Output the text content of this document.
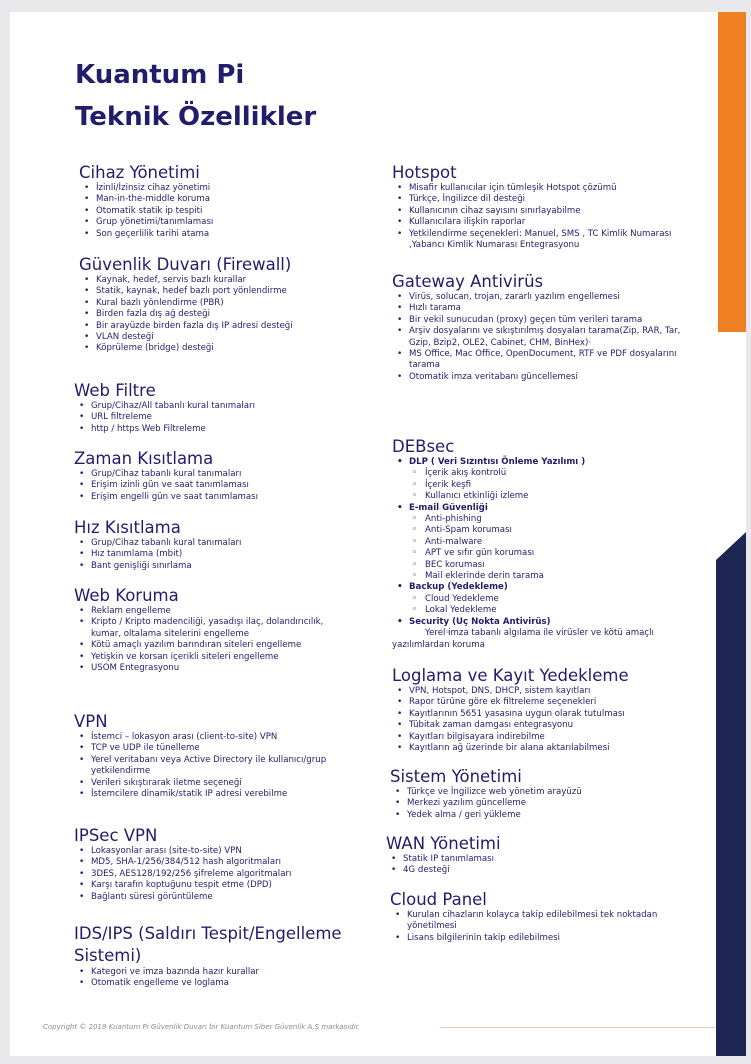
Kuantum Pi
Teknik Özellikler
Cihaz Yönetimi
• İzinli/İzinsiz cihaz yönetimi
• Man-in-the-middle koruma
• Otomatik statik ip tespiti
• Grup yönetimi/tanımlaması
• Son geçerlilik tarihi atama
Güvenlik Duvarı (Firewall)
• Kaynak, hedef, servis bazlı kurallar
• Statik, kaynak, hedef bazlı port yönlendirme
• Kural bazlı yönlendirme (PBR)
• Birden fazla dış ağ desteği
• Bir arayüzde birden fazla dış IP adresi desteği
• VLAN desteği
• Köprüleme (bridge) desteği
Web Filtre
• Grup/Cihaz/All tabanlı kural tanımaları
• URL filtreleme
• http / https Web Filtreleme
Zaman Kısıtlama
• Grup/Cihaz tabanlı kural tanımaları
• Erişim izinli gün ve saat tanımlaması
• Erişim engelli gün ve saat tanımlaması
Hız Kısıtlama
• Grup/Cihaz tabanlı kural tanımaları
• Hız tanımlama (mbit)
• Bant genişliği sınırlama
Web Koruma
• Reklam engelleme
• Kripto / Kripto madenciliği, yasadışı ilaç, dolandırıcılık, kumar, oltalama sitelerini engelleme
• Kötü amaçlı yazılım barındıran siteleri engelleme
• Yetişkin ve korsan içerikli siteleri engelleme
• USOM Entegrasyonu
VPN
• İstemci – lokasyon arası (client-to-site) VPN
• TCP ve UDP ile tünelleme
• Yerel veritabanı veya Active Directory ile kullanıcı/grup yetkilendirme
• Verileri sıkıştırarak iletme seçeneği
• İstemcilere dinamik/statik IP adresi verebilme
IPSec VPN
• Lokasyonlar arası (site-to-site) VPN
• MD5, SHA-1/256/384/512 hash algoritmaları
• 3DES, AES128/192/256 şifreleme algoritmaları
• Karşı tarafın koptuğunu tespit etme (DPD)
• Bağlantı süresi görüntüleme
IDS/IPS (Saldırı Tespit/Engelleme Sistemi)
• Kategori ve imza bazında hazır kurallar
• Otomatik engelleme ve loglama
Hotspot
• Misafir kullanıcılar için tümleşik Hotspot çözümü
• Türkçe, İngilizce dil desteği
• Kullanıcının cihaz sayısını sınırlayabilme
• Kullanıcılara ilişkin raporlar
• Yetkilendirme seçenekleri: Manuel, SMS , TC Kimlik Numarası ,Yabancı Kimlik Numarası Entegrasyonu
Gateway Antivirüs
• Virüs, solucan, trojan, zararlı yazılım engellemesi
• Hızlı tarama
• Bir vekil sunucudan (proxy) geçen tüm verileri tarama
• Arşiv dosyalarını ve sıkıştırılmış dosyaları tarama(Zip, RAR, Tar, Gzip, Bzip2, OLE2, Cabinet, CHM, BinHex)·
• MS Office, Mac Office, OpenDocument, RTF ve PDF dosyalarını tarama
• Otomatik imza veritabanı güncellemesi
DEBsec
• DLP ( Veri Sızıntısı Önleme Yazılımı )
◦ İçerik akış kontrolü
◦ İçerik keşfi
◦ Kullanıcı etkinliği izleme
• E-mail Güvenliği
◦ Anti-phishing
◦ Anti-Spam koruması
◦ Anti-malware
◦ APT ve sıfır gün koruması
◦ BEC koruması
◦ Mail eklerinde derin tarama
• Backup (Yedekleme)
◦ Cloud Yedekleme
◦ Lokal Yedekleme
• Security (Uç Nokta Antivirüs)
◦ Yerel imza tabanlı algılama ile virüsler ve kötü amaçlı yazılımlardan koruma
Loglama ve Kayıt Yedekleme
• VPN, Hotspot, DNS, DHCP, sistem kayıtları
• Rapor türüne göre ek filtreleme seçenekleri
• Kayıtlarının 5651 yasasına uygun olarak tutulması
• Tübitak zaman damgası entegrasyonu
• Kayıtları bilgisayara indirebilme
• Kayıtların ağ üzerinde bir alana aktarılabilmesi
Sistem Yönetimi
• Türkçe ve İngilizce web yönetim arayüzü
• Merkezi yazılım güncelleme
• Yedek alma / geri yükleme
WAN Yönetimi
• Statik IP tanımlaması
• 4G desteği
Cloud Panel
• Kurulan cihazların kolayca takip edilebilmesi tek noktadan yönetilmesi
• Lisans bilgilerinin takip edilebilmesi
Copyright © 2019 Kuantum Pi Güvenlik Duvarı bir Kuantum Siber Güvenlik A.Ş markasıdır.
